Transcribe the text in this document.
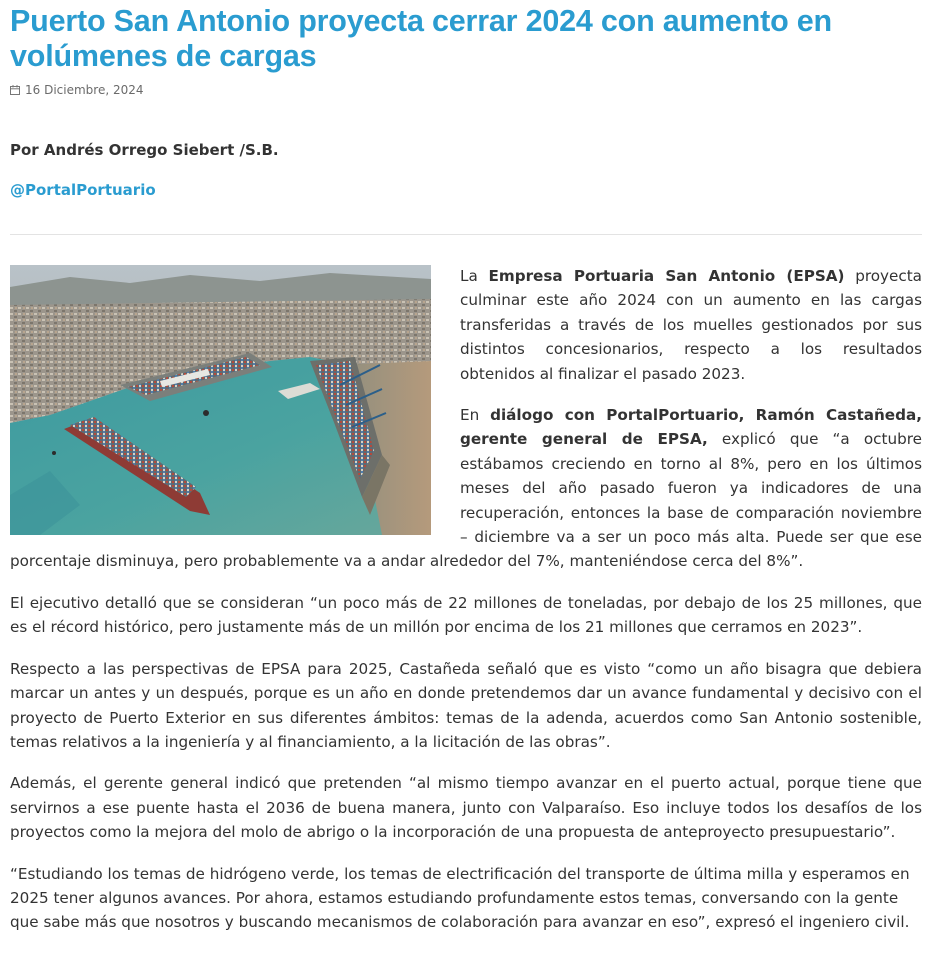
Puerto San Antonio proyecta cerrar 2024 con aumento en volúmenes de cargas
16 Diciembre, 2024
Por Andrés Orrego Siebert /S.B.
@PortalPortuario

La Empresa Portuaria San Antonio (EPSA) proyecta culminar este año 2024 con un aumento en las cargas transferidas a través de los muelles gestionados por sus distintos concesionarios, respecto a los resultados obtenidos al finalizar el pasado 2023.

En diálogo con PortalPortuario, Ramón Castañeda, gerente general de EPSA, explicó que “a octubre estábamos creciendo en torno al 8%, pero en los últimos meses del año pasado fueron ya indicadores de una recuperación, entonces la base de comparación noviembre – diciembre va a ser un poco más alta. Puede ser que ese porcentaje disminuya, pero probablemente va a andar alrededor del 7%, manteniéndose cerca del 8%”.

El ejecutivo detalló que se consideran “un poco más de 22 millones de toneladas, por debajo de los 25 millones, que es el récord histórico, pero justamente más de un millón por encima de los 21 millones que cerramos en 2023”.

Respecto a las perspectivas de EPSA para 2025, Castañeda señaló que es visto “como un año bisagra que debiera marcar un antes y un después, porque es un año en donde pretendemos dar un avance fundamental y decisivo con el proyecto de Puerto Exterior en sus diferentes ámbitos: temas de la adenda, acuerdos como San Antonio sostenible, temas relativos a la ingeniería y al financiamiento, a la licitación de las obras”.

Además, el gerente general indicó que pretenden “al mismo tiempo avanzar en el puerto actual, porque tiene que servirnos a ese puente hasta el 2036 de buena manera, junto con Valparaíso. Eso incluye todos los desafíos de los proyectos como la mejora del molo de abrigo o la incorporación de una propuesta de anteproyecto presupuestario”.

“Estudiando los temas de hidrógeno verde, los temas de electrificación del transporte de última milla y esperamos en 2025 tener algunos avances. Por ahora, estamos estudiando profundamente estos temas, conversando con la gente que sabe más que nosotros y buscando mecanismos de colaboración para avanzar en eso”, expresó el ingeniero civil.
